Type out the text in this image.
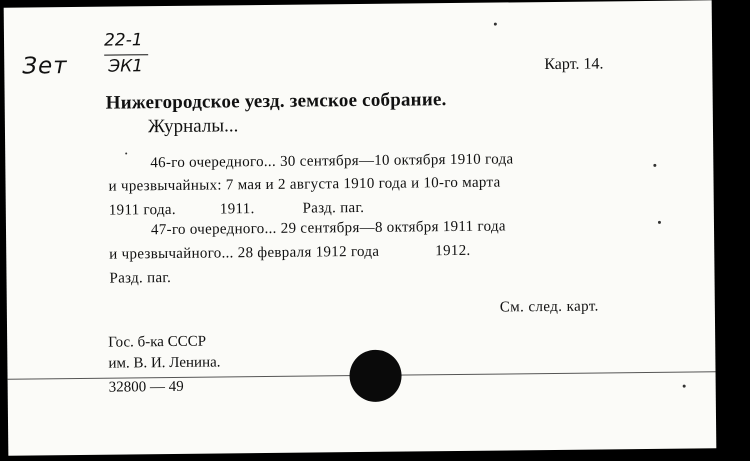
Зет
22-1
ЭК1	Карт. 14.
Нижегородское уезд. земское собрание.
Журналы...
46-го очередного... 30 сентября—10 октября 1910 года
и чрезвычайных: 7 мая и 2 августа 1910 года и 10-го марта
1911 года.	1911.	Разд. паг.
47-го очередного... 29 сентября—8 октября 1911 года
и чрезвычайного... 28 февраля 1912 года	1912.
Разд. паг.
См. след. карт.
Гос. б-ка СССР
им. В. И. Ленина.
32800 — 49
